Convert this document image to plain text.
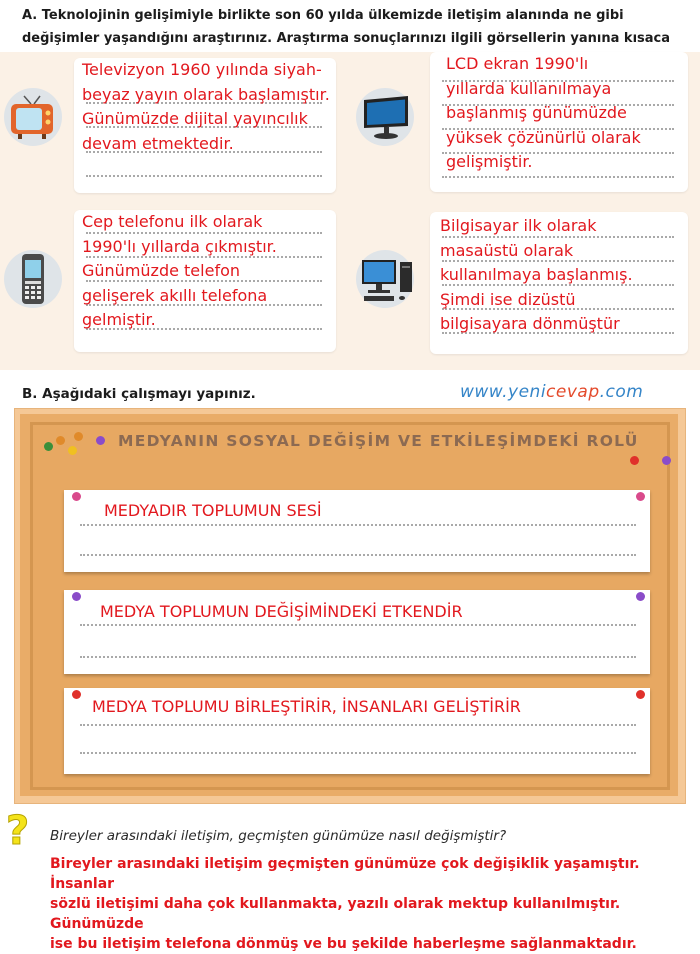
A. Teknolojinin gelişimiyle birlikte son 60 yılda ülkemizde iletişim alanında ne gibi değişimler yaşandığını araştırınız. Araştırma sonuçlarınızı ilgili görsellerin yanına kısaca
Televizyon 1960 yılında siyah-
beyaz yayın olarak başlamıştır.
Günümüzde dijital yayıncılık
devam etmektedir.
LCD ekran 1990'lı
yıllarda kullanılmaya
başlanmış günümüzde
yüksek çözünürlü olarak
gelişmiştir.
Cep telefonu ilk olarak
1990'lı yıllarda çıkmıştır.
Günümüzde telefon
gelişerek akıllı telefona
gelmiştir.
Bilgisayar ilk olarak
masaüstü olarak
kullanılmaya başlanmış.
Şimdi ise dizüstü
bilgisayara dönmüştür
B. Aşağıdaki çalışmayı yapınız.	www.yenicevap.com
MEDYANIN SOSYAL DEĞİŞİM VE ETKİLEŞİMDEKİ ROLÜ
MEDYADIR TOPLUMUN SESİ
MEDYA TOPLUMUN DEĞİŞİMİNDEKİ ETKENDİR
MEDYA TOPLUMU BİRLEŞTİRİR, İNSANLARI GELİŞTİRİR
? Bireyler arasındaki iletişim, geçmişten günümüze nasıl değişmiştir?
Bireyler arasındaki iletişim geçmişten günümüze çok değişiklik yaşamıştır. İnsanlar
sözlü iletişimi daha çok kullanmakta, yazılı olarak mektup kullanılmıştır. Günümüzde
ise bu iletişim telefona dönmüş ve bu şekilde haberleşme sağlanmaktadır.
